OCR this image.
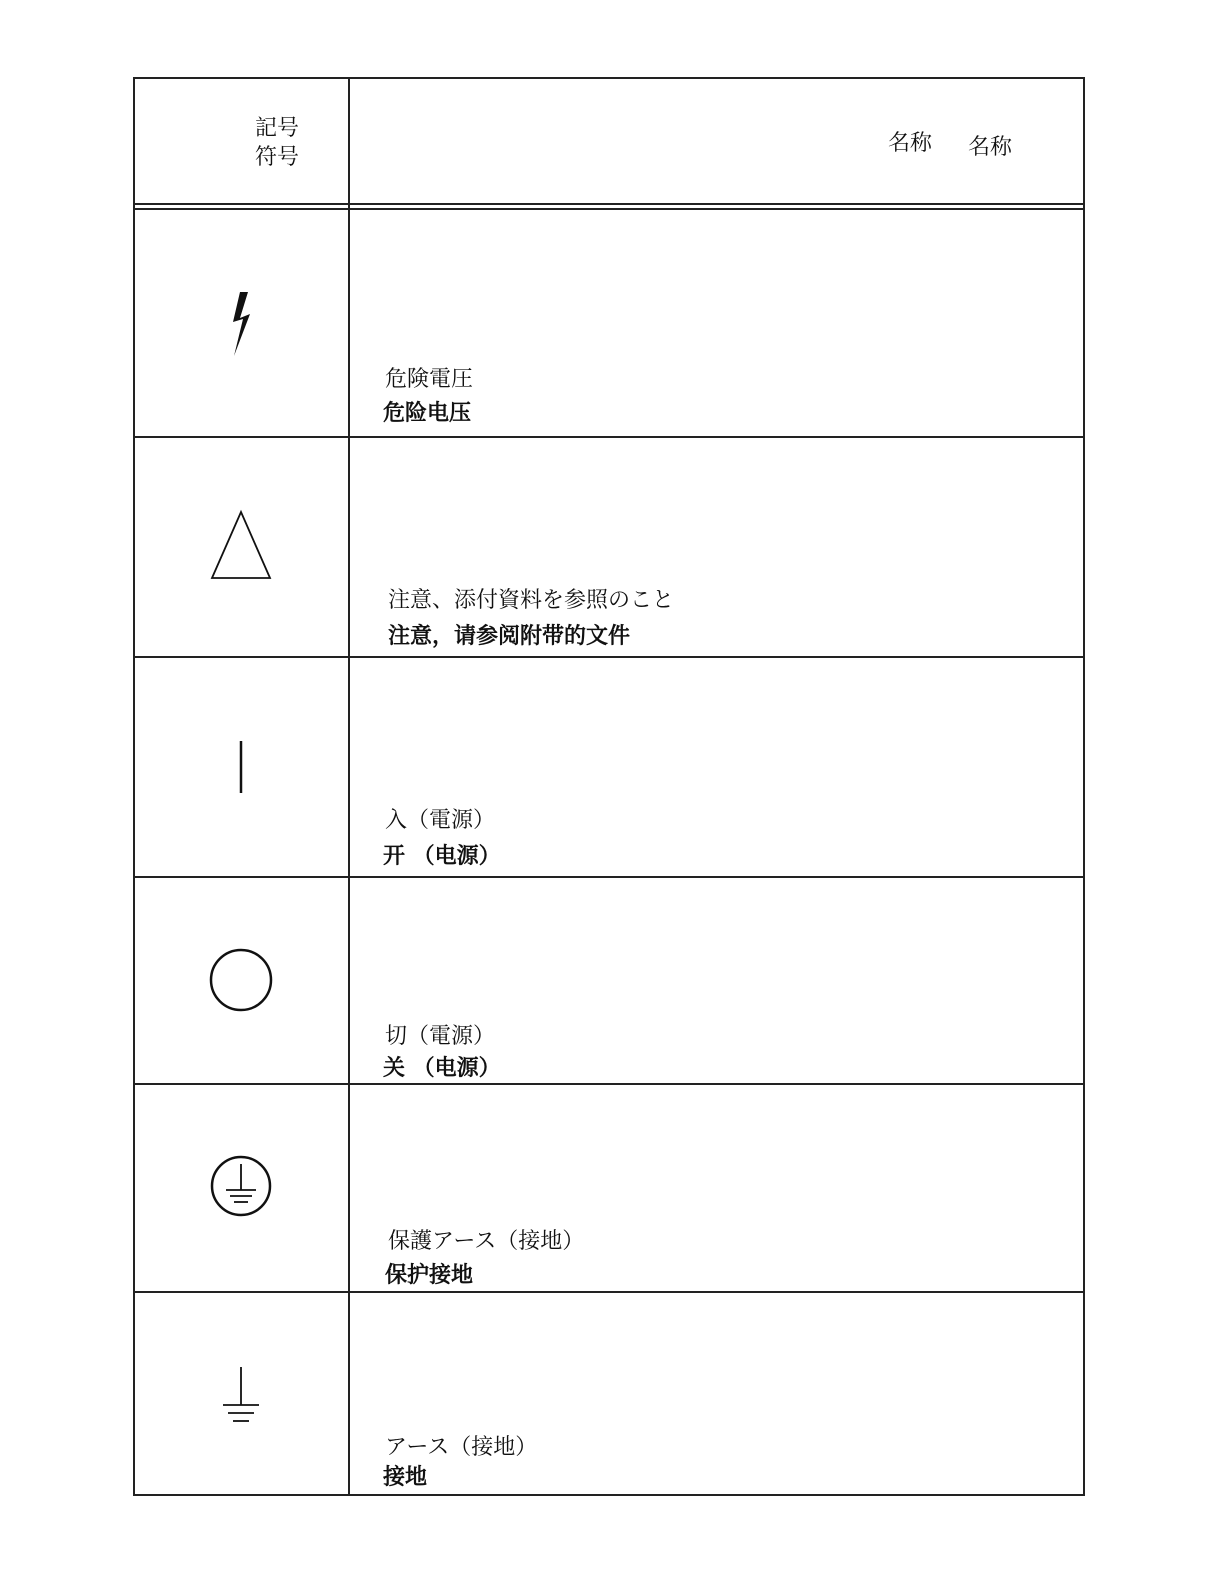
記号
符号
名称 名称
危険電圧
危险电压
注意、添付資料を参照のこと
注意，请参阅附带的文件
入（電源）
开 （电源）
切（電源）
关 （电源）
保護アース（接地）
保护接地
アース（接地）
接地
